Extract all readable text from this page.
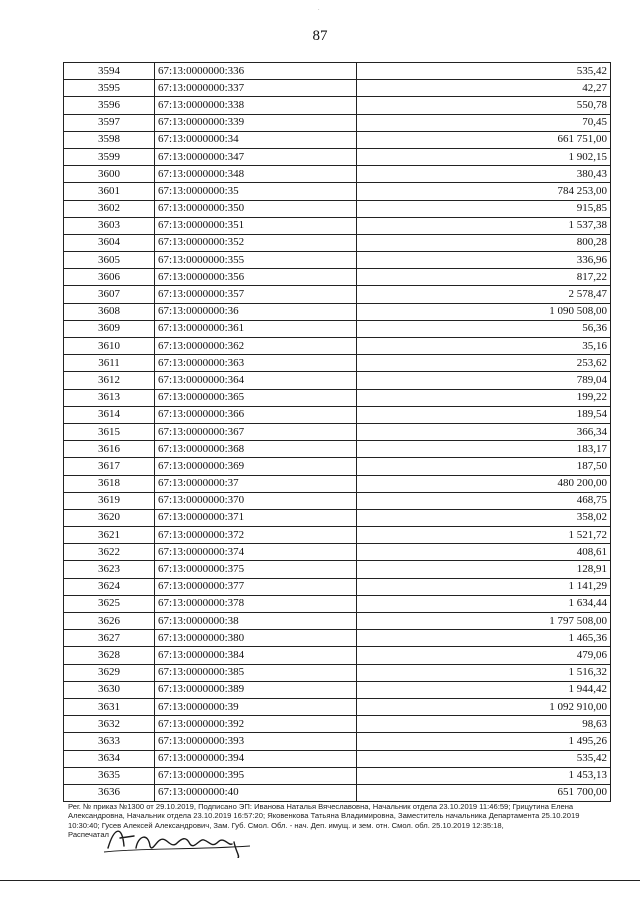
.
87
3594	67:13:0000000:336	535,42
3595	67:13:0000000:337	42,27
3596	67:13:0000000:338	550,78
3597	67:13:0000000:339	70,45
3598	67:13:0000000:34	661 751,00
3599	67:13:0000000:347	1 902,15
3600	67:13:0000000:348	380,43
3601	67:13:0000000:35	784 253,00
3602	67:13:0000000:350	915,85
3603	67:13:0000000:351	1 537,38
3604	67:13:0000000:352	800,28
3605	67:13:0000000:355	336,96
3606	67:13:0000000:356	817,22
3607	67:13:0000000:357	2 578,47
3608	67:13:0000000:36	1 090 508,00
3609	67:13:0000000:361	56,36
3610	67:13:0000000:362	35,16
3611	67:13:0000000:363	253,62
3612	67:13:0000000:364	789,04
3613	67:13:0000000:365	199,22
3614	67:13:0000000:366	189,54
3615	67:13:0000000:367	366,34
3616	67:13:0000000:368	183,17
3617	67:13:0000000:369	187,50
3618	67:13:0000000:37	480 200,00
3619	67:13:0000000:370	468,75
3620	67:13:0000000:371	358,02
3621	67:13:0000000:372	1 521,72
3622	67:13:0000000:374	408,61
3623	67:13:0000000:375	128,91
3624	67:13:0000000:377	1 141,29
3625	67:13:0000000:378	1 634,44
3626	67:13:0000000:38	1 797 508,00
3627	67:13:0000000:380	1 465,36
3628	67:13:0000000:384	479,06
3629	67:13:0000000:385	1 516,32
3630	67:13:0000000:389	1 944,42
3631	67:13:0000000:39	1 092 910,00
3632	67:13:0000000:392	98,63
3633	67:13:0000000:393	1 495,26
3634	67:13:0000000:394	535,42
3635	67:13:0000000:395	1 453,13
3636	67:13:0000000:40	651 700,00
Рег. № приказ №1300 от 29.10.2019, Подписано ЭП: Иванова Наталья Вячеславовна, Начальник отдела 23.10.2019 11:46:59; Грицутина Елена Александровна, Начальник отдела 23.10.2019 16:57:20; Яковенкова Татьяна Владимировна, Заместитель начальника Департамента 25.10.2019 10:30:40; Гусев Алексей Александрович, Зам. Губ. Смол. Обл. - нач. Деп. имущ. и зем. отн. Смол. обл. 25.10.2019 12:35:18,
Распечатал
